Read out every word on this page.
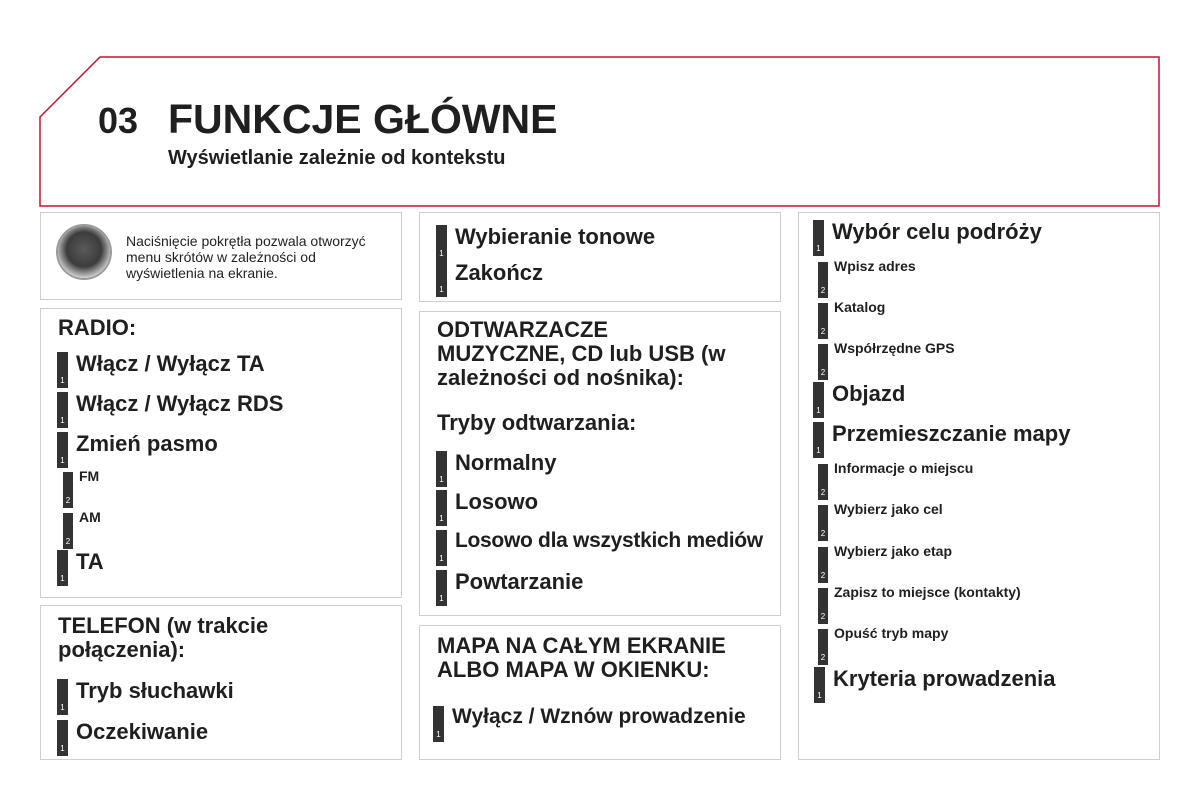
03 FUNKCJE GŁÓWNE
Wyświetlanie zależnie od kontekstu
Naciśnięcie pokrętła pozwala otworzyć menu skrótów w zależności od wyświetlenia na ekranie.
RADIO:
1
Włącz / Wyłącz TA
1
Włącz / Wyłącz RDS
1
Zmień pasmo
2
FM
2
AM
1
TA
TELEFON (w trakcie
połączenia):
1
Tryb słuchawki
1
Oczekiwanie
1
Wybieranie tonowe
1
Zakończ
ODTWARZACZE
MUZYCZNE, CD lub USB (w
zależności od nośnika):
Tryby odtwarzania:
1
Normalny
1
Losowo
1
Losowo dla wszystkich mediów
1
Powtarzanie
MAPA NA CAŁYM EKRANIE
ALBO MAPA W OKIENKU:
1
Wyłącz / Wznów prowadzenie
1
Wybór celu podróży
2
Wpisz adres
2
Katalog
2
Współrzędne GPS
1
Objazd
1
Przemieszczanie mapy
2
Informacje o miejscu
2
Wybierz jako cel
2
Wybierz jako etap
2
Zapisz to miejsce (kontakty)
2
Opuść tryb mapy
1
Kryteria prowadzenia
